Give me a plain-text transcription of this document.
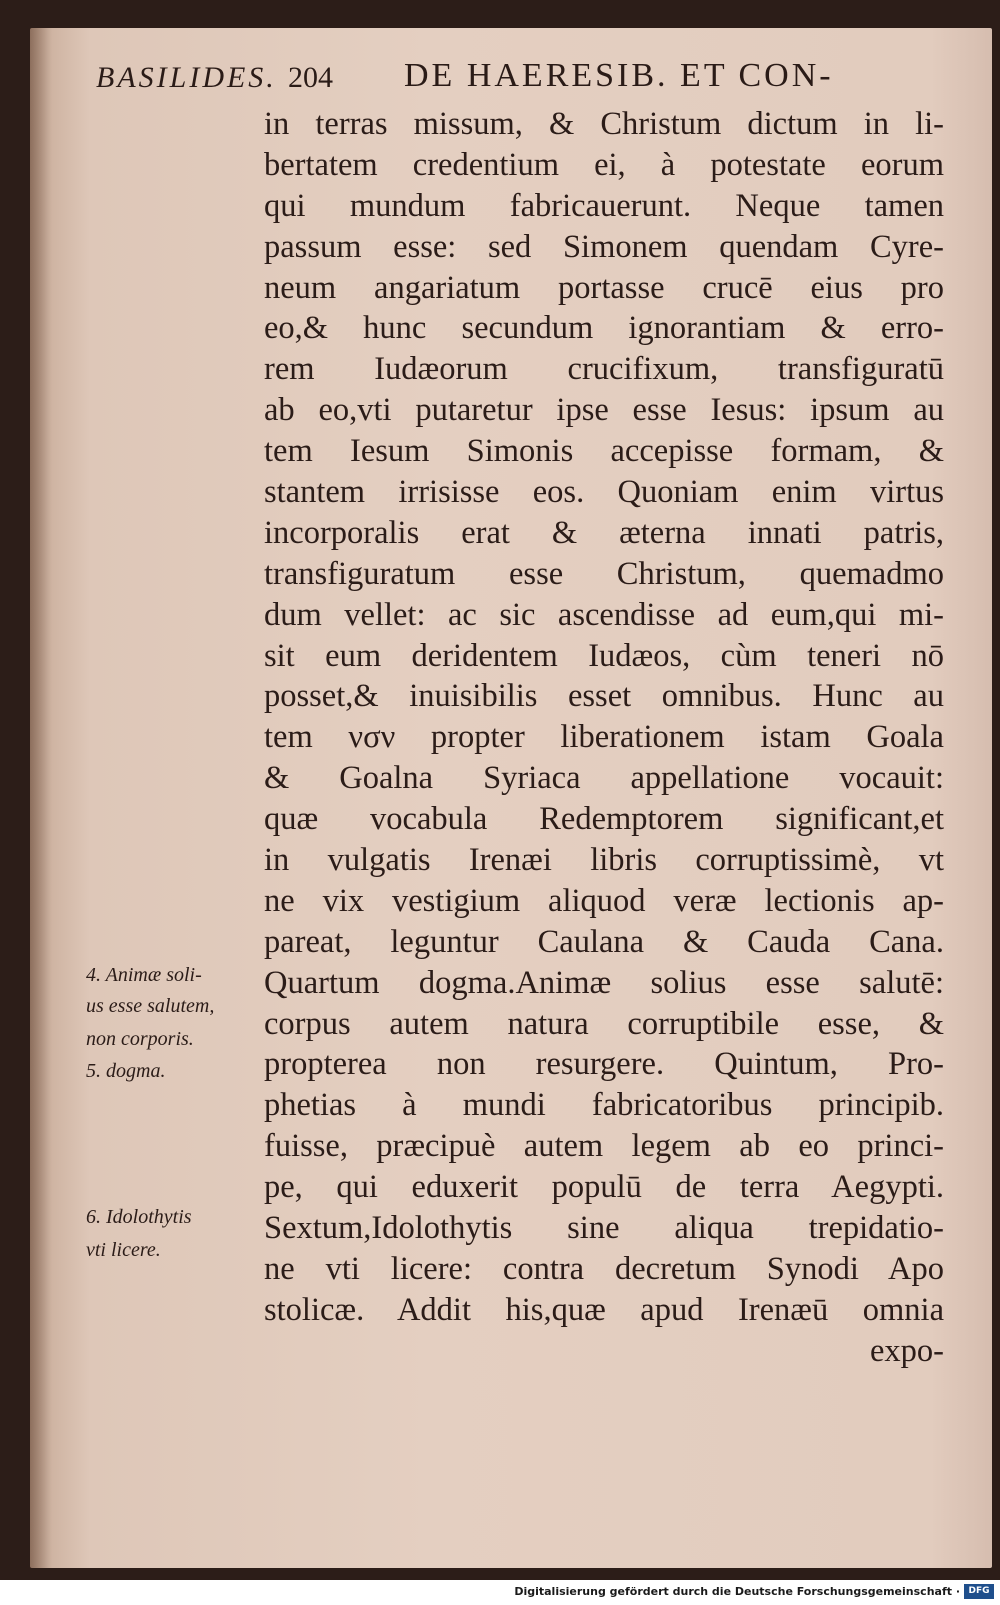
BASILIDES. 204 DE HAERESIB. ET CON-
in terras missum, & Christum dictum in li-
bertatem credentium ei, à potestate eorum
qui mundum fabricauerunt. Neque tamen
passum esse: sed Simonem quendam Cyre-
neum angariatum portasse crucē eius pro
eo,& hunc secundum ignorantiam & erro-
rem Iudæorum crucifixum, transfiguratū
ab eo,vti putaretur ipse esse Iesus: ipsum au
tem Iesum Simonis accepisse formam, &
stantem irrisisse eos. Quoniam enim virtus
incorporalis erat & æterna innati patris,
transfiguratum esse Christum, quemadmo
dum vellet: ac sic ascendisse ad eum,qui mi-
sit eum deridentem Iudæos, cùm teneri nō
posset,& inuisibilis esset omnibus. Hunc au
tem νσν propter liberationem istam Goala
& Goalna Syriaca appellatione vocauit:
quæ vocabula Redemptorem significant,et
in vulgatis Irenæi libris corruptissimè, vt
ne vix vestigium aliquod veræ lectionis ap-
pareat, leguntur Caulana & Cauda Cana.
Quartum dogma.Animæ solius esse salutē:
corpus autem natura corruptibile esse, &
propterea non resurgere. Quintum, Pro-
phetias à mundi fabricatoribus principib.
fuisse, præcipuè autem legem ab eo princi-
pe, qui eduxerit populū de terra Aegypti.
Sextum,Idolothytis sine aliqua trepidatio-
ne vti licere: contra decretum Synodi Apo
stolicæ. Addit his,quæ apud Irenæū omnia
expo-
4. Animæ soli-
us esse salutem,
non corporis.
5. dogma.
6. Idolothytis
vti licere.
Digitalisierung gefördert durch die Deutsche Forschungsgemeinschaft · DFG
